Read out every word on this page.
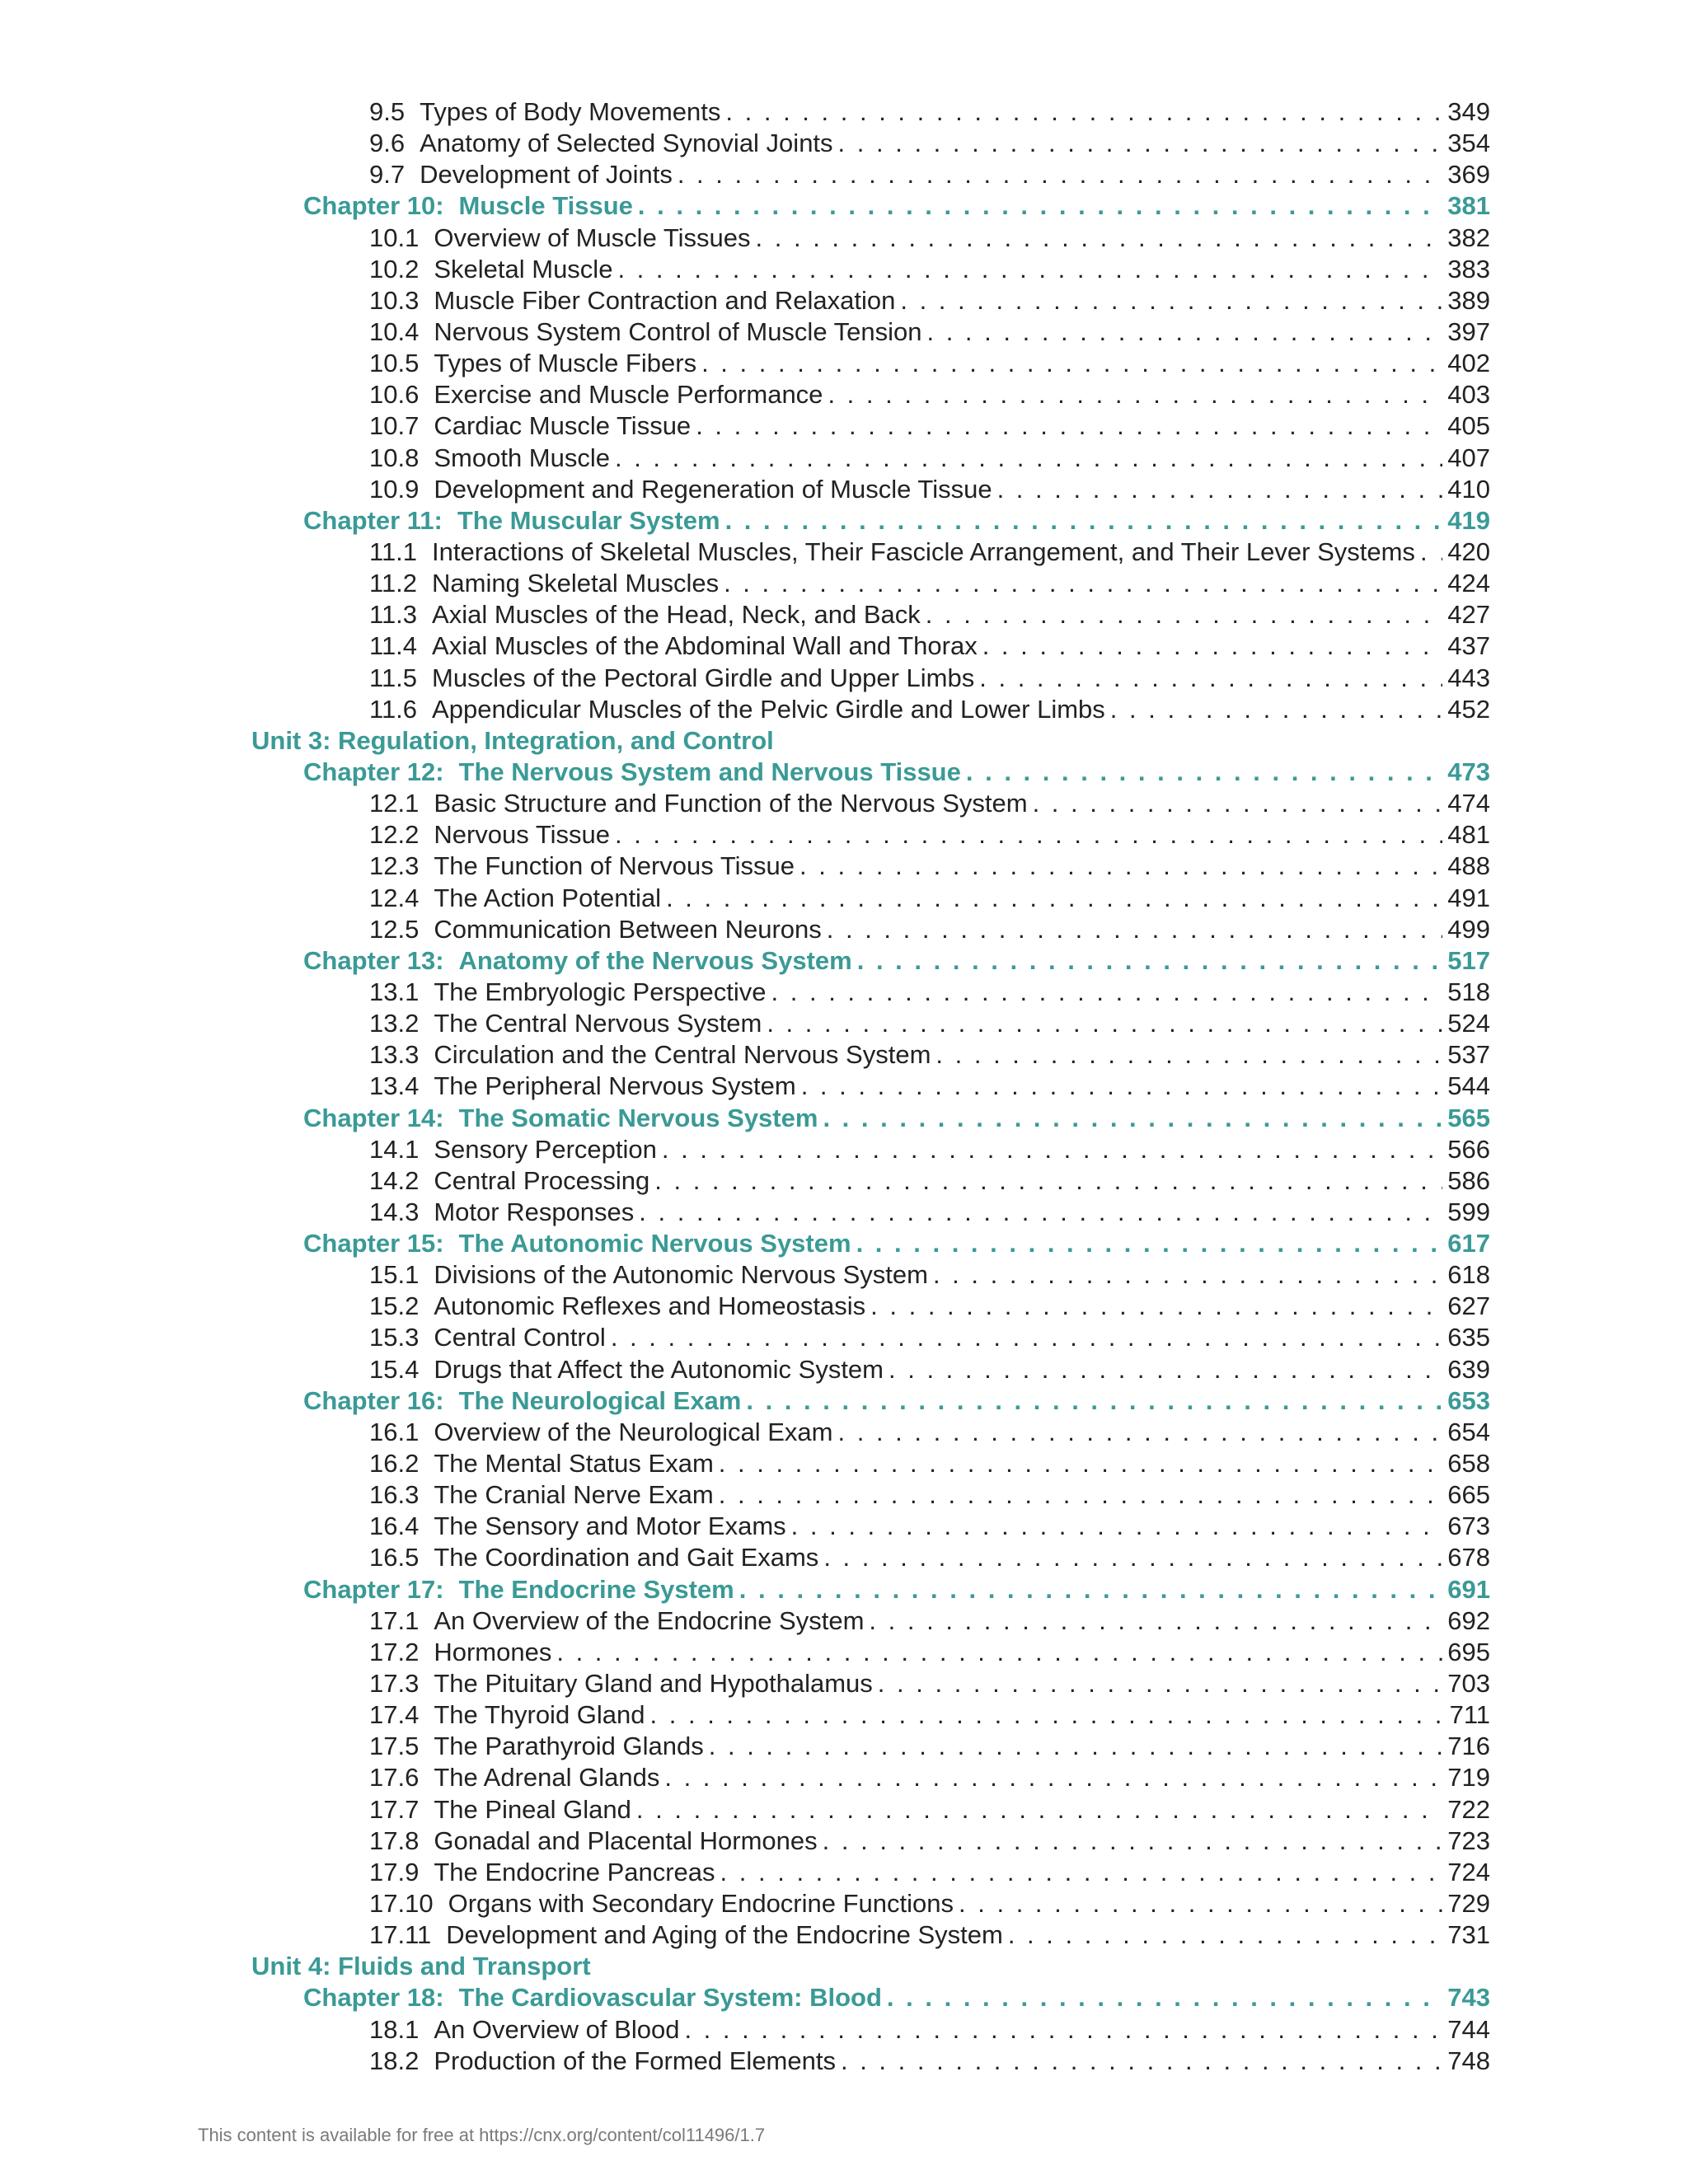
9.5 Types of Body Movements . . .	349
9.6 Anatomy of Selected Synovial Joints . . .	354
9.7 Development of Joints . . .	369
Chapter 10: Muscle Tissue . . .	381
10.1 Overview of Muscle Tissues . . .	382
10.2 Skeletal Muscle . . .	383
10.3 Muscle Fiber Contraction and Relaxation . . .	389
10.4 Nervous System Control of Muscle Tension . . .	397
10.5 Types of Muscle Fibers . . .	402
10.6 Exercise and Muscle Performance . . .	403
10.7 Cardiac Muscle Tissue . . .	405
10.8 Smooth Muscle . . .	407
10.9 Development and Regeneration of Muscle Tissue . . .	410
Chapter 11: The Muscular System . . .	419
11.1 Interactions of Skeletal Muscles, Their Fascicle Arrangement, and Their Lever Systems . . . 420
11.2 Naming Skeletal Muscles . . .	424
11.3 Axial Muscles of the Head, Neck, and Back . . .	427
11.4 Axial Muscles of the Abdominal Wall and Thorax . . .	437
11.5 Muscles of the Pectoral Girdle and Upper Limbs . . .	443
11.6 Appendicular Muscles of the Pelvic Girdle and Lower Limbs . . .	452
Unit 3: Regulation, Integration, and Control
Chapter 12: The Nervous System and Nervous Tissue . . .	473
12.1 Basic Structure and Function of the Nervous System . . .	474
12.2 Nervous Tissue . . .	481
12.3 The Function of Nervous Tissue . . .	488
12.4 The Action Potential . . .	491
12.5 Communication Between Neurons . . .	499
Chapter 13: Anatomy of the Nervous System . . .	517
13.1 The Embryologic Perspective . . .	518
13.2 The Central Nervous System . . .	524
13.3 Circulation and the Central Nervous System . . .	537
13.4 The Peripheral Nervous System . . .	544
Chapter 14: The Somatic Nervous System . . .	565
14.1 Sensory Perception . . .	566
14.2 Central Processing . . .	586
14.3 Motor Responses . . .	599
Chapter 15: The Autonomic Nervous System . . .	617
15.1 Divisions of the Autonomic Nervous System . . .	618
15.2 Autonomic Reflexes and Homeostasis . . .	627
15.3 Central Control . . .	635
15.4 Drugs that Affect the Autonomic System . . .	639
Chapter 16: The Neurological Exam . . .	653
16.1 Overview of the Neurological Exam . . .	654
16.2 The Mental Status Exam . . .	658
16.3 The Cranial Nerve Exam . . .	665
16.4 The Sensory and Motor Exams . . .	673
16.5 The Coordination and Gait Exams . . .	678
Chapter 17: The Endocrine System . . .	691
17.1 An Overview of the Endocrine System . . .	692
17.2 Hormones . . .	695
17.3 The Pituitary Gland and Hypothalamus . . .	703
17.4 The Thyroid Gland . . .	711
17.5 The Parathyroid Glands . . .	716
17.6 The Adrenal Glands . . .	719
17.7 The Pineal Gland . . .	722
17.8 Gonadal and Placental Hormones . . .	723
17.9 The Endocrine Pancreas . . .	724
17.10 Organs with Secondary Endocrine Functions . . .	729
17.11 Development and Aging of the Endocrine System . . .	731
Unit 4: Fluids and Transport
Chapter 18: The Cardiovascular System: Blood . . .	743
18.1 An Overview of Blood . . .	744
18.2 Production of the Formed Elements . . .	748
This content is available for free at https://cnx.org/content/col11496/1.7
